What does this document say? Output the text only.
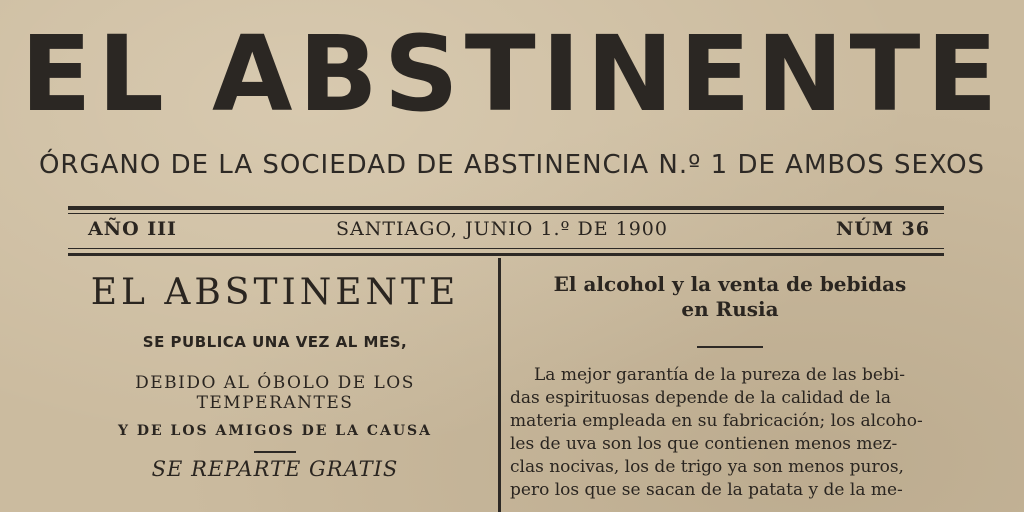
EL ABSTINENTE
ÓRGANO DE LA SOCIEDAD DE ABSTINENCIA N.º 1 DE AMBOS SEXOS
AÑO III	SANTIAGO, JUNIO 1.º DE 1900	NÚM 36
EL ABSTINENTE
SE PUBLICA UNA VEZ AL MES,
DEBIDO AL ÓBOLO DE LOS TEMPERANTES
Y DE LOS AMIGOS DE LA CAUSA
SE REPARTE GRATIS
El alcohol y la venta de bebidas
en Rusia
La mejor garantía de la pureza de las bebi-
das espirituosas depende de la calidad de la
materia empleada en su fabricación; los alcoho-
les de uva son los que contienen menos mez-
clas nocivas, los de trigo ya son menos puros,
pero los que se sacan de la patata y de la me-
